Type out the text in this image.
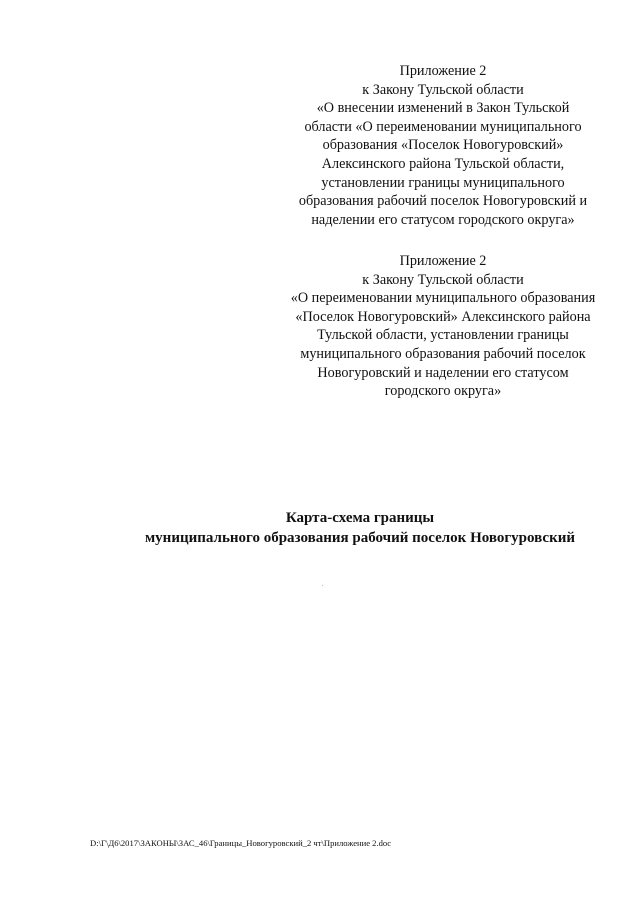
Приложение 2
к Закону Тульской области
«О внесении изменений в Закон Тульской
области «О переименовании муниципального
образования «Поселок Новогуровский»
Алексинского района Тульской области,
установлении границы муниципального
образования рабочий поселок Новогуровский и
наделении его статусом городского округа»
Приложение 2
к Закону Тульской области
«О переименовании муниципального образования
«Поселок Новогуровский» Алексинского района
Тульской области, установлении границы
муниципального образования рабочий поселок
Новогуровский и наделении его статусом
городского округа»
Карта-схема границы
муниципального образования рабочий поселок Новогуровский
D:\Г\Д6\2017\ЗАКОНЫ\ЗАС_46\Границы_Новогуровский_2 чт\Приложение 2.doc
